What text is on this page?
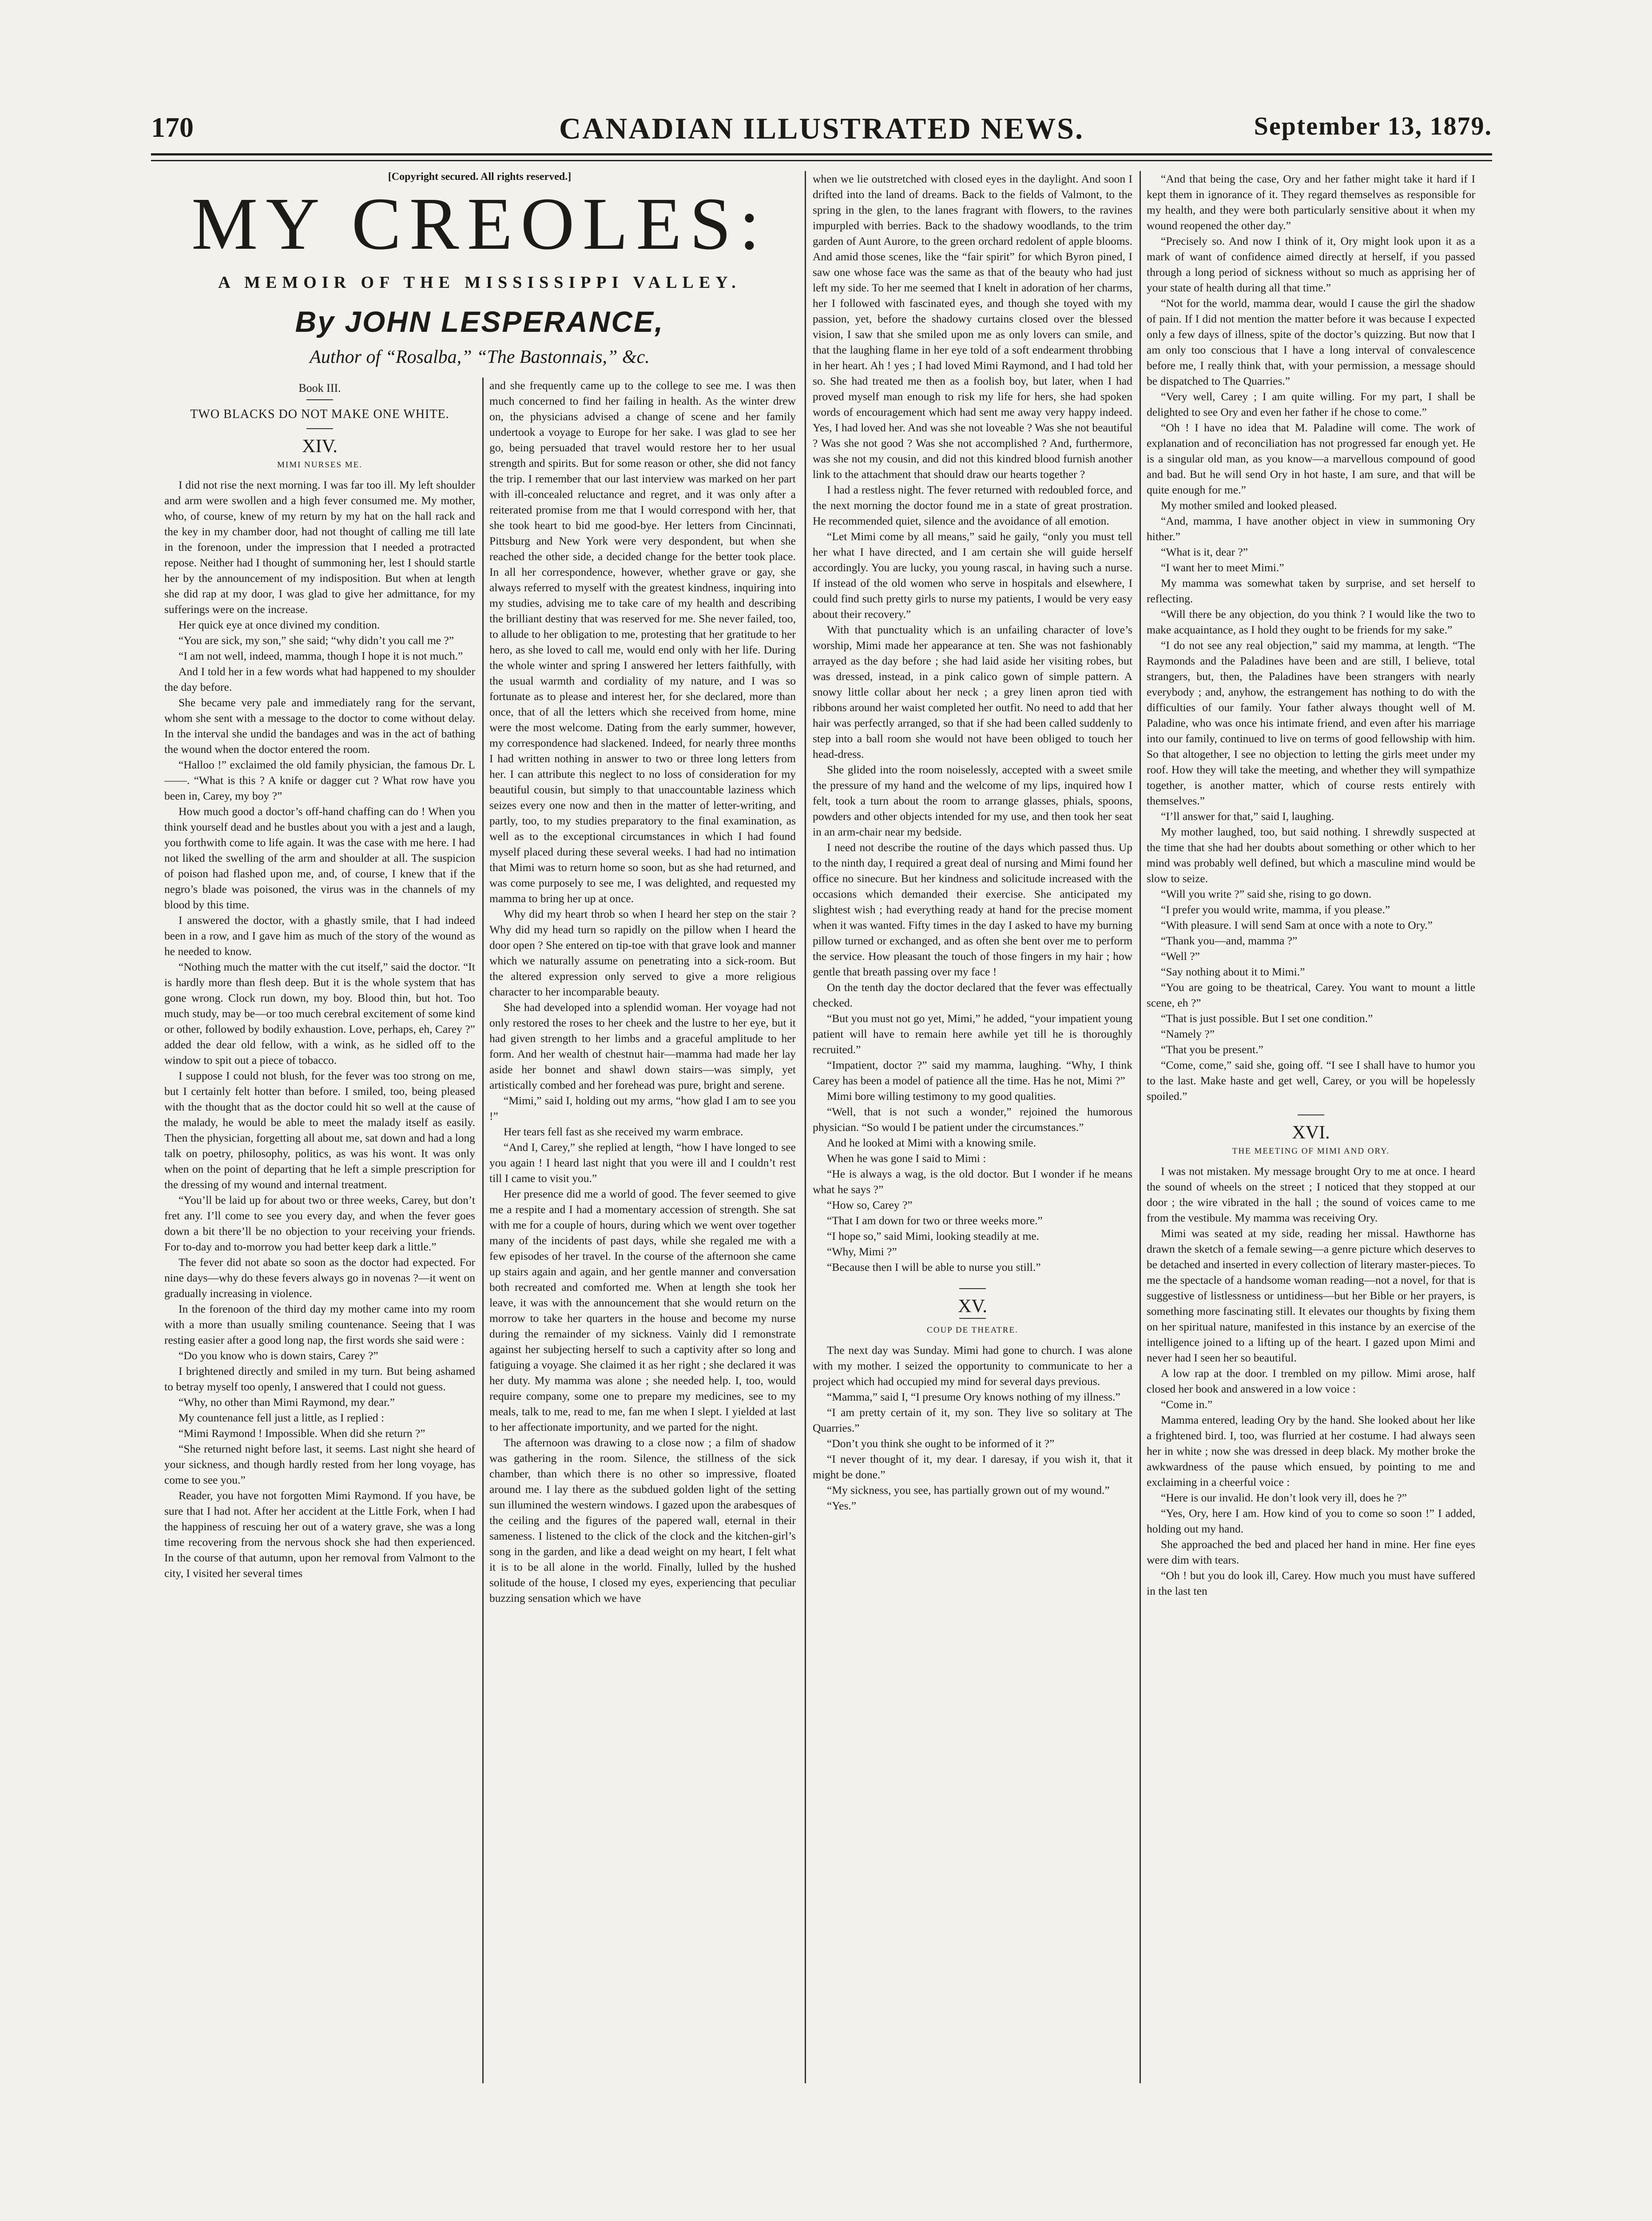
170	CANADIAN ILLUSTRATED NEWS.	September 13, 1879.
[Copyright secured. All rights reserved.]
MY CREOLES:
A MEMOIR OF THE MISSISSIPPI VALLEY.
By JOHN LESPERANCE,
Author of “Rosalba,” “The Bastonnais,” &c.

Book III.

TWO BLACKS DO NOT MAKE ONE WHITE.

XIV.

MIMI NURSES ME.

I did not rise the next morning. I was far too ill. My left shoulder and arm were swollen and a high fever consumed me. My mother, who, of course, knew of my return by my hat on the hall rack and the key in my chamber door, had not thought of calling me till late in the forenoon, under the impression that I needed a protracted repose. Neither had I thought of summoning her, lest I should startle her by the announcement of my indisposition. But when at length she did rap at my door, I was glad to give her admittance, for my sufferings were on the increase.

Her quick eye at once divined my condition.

“You are sick, my son,” she said; “why didn’t you call me ?”

“I am not well, indeed, mamma, though I hope it is not much.”

And I told her in a few words what had happened to my shoulder the day before.

She became very pale and immediately rang for the servant, whom she sent with a message to the doctor to come without delay. In the interval she undid the bandages and was in the act of bathing the wound when the doctor entered the room.

“Halloo !” exclaimed the old family physician, the famous Dr. L——. “What is this ? A knife or dagger cut ? What row have you been in, Carey, my boy ?”

How much good a doctor’s off-hand chaffing can do ! When you think yourself dead and he bustles about you with a jest and a laugh, you forthwith come to life again. It was the case with me here. I had not liked the swelling of the arm and shoulder at all. The suspicion of poison had flashed upon me, and, of course, I knew that if the negro’s blade was poisoned, the virus was in the channels of my blood by this time.

I answered the doctor, with a ghastly smile, that I had indeed been in a row, and I gave him as much of the story of the wound as he needed to know.

“Nothing much the matter with the cut itself,” said the doctor. “It is hardly more than flesh deep. But it is the whole system that has gone wrong. Clock run down, my boy. Blood thin, but hot. Too much study, may be—or too much cerebral excitement of some kind or other, followed by bodily exhaustion. Love, perhaps, eh, Carey ?” added the dear old fellow, with a wink, as he sidled off to the window to spit out a piece of tobacco.

I suppose I could not blush, for the fever was too strong on me, but I certainly felt hotter than before. I smiled, too, being pleased with the thought that as the doctor could hit so well at the cause of the malady, he would be able to meet the malady itself as easily. Then the physician, forgetting all about me, sat down and had a long talk on poetry, philosophy, politics, as was his wont. It was only when on the point of departing that he left a simple prescription for the dressing of my wound and internal treatment.

“You’ll be laid up for about two or three weeks, Carey, but don’t fret any. I’ll come to see you every day, and when the fever goes down a bit there’ll be no objection to your receiving your friends. For to-day and to-morrow you had better keep dark a little.”

The fever did not abate so soon as the doctor had expected. For nine days—why do these fevers always go in novenas ?—it went on gradually increasing in violence.

In the forenoon of the third day my mother came into my room with a more than usually smiling countenance. Seeing that I was resting easier after a good long nap, the first words she said were :

“Do you know who is down stairs, Carey ?”

I brightened directly and smiled in my turn. But being ashamed to betray myself too openly, I answered that I could not guess.

“Why, no other than Mimi Raymond, my dear.”

My countenance fell just a little, as I replied :

“Mimi Raymond ! Impossible. When did she return ?”

“She returned night before last, it seems. Last night she heard of your sickness, and though hardly rested from her long voyage, has come to see you.”

Reader, you have not forgotten Mimi Raymond. If you have, be sure that I had not. After her accident at the Little Fork, when I had the happiness of rescuing her out of a watery grave, she was a long time recovering from the nervous shock she had then experienced. In the course of that autumn, upon her removal from Valmont to the city, I visited her several times

and she frequently came up to the college to see me. I was then much concerned to find her failing in health. As the winter drew on, the physicians advised a change of scene and her family undertook a voyage to Europe for her sake. I was glad to see her go, being persuaded that travel would restore her to her usual strength and spirits. But for some reason or other, she did not fancy the trip. I remember that our last interview was marked on her part with ill-concealed reluctance and regret, and it was only after a reiterated promise from me that I would correspond with her, that she took heart to bid me good-bye. Her letters from Cincinnati, Pittsburg and New York were very despondent, but when she reached the other side, a decided change for the better took place. In all her correspondence, however, whether grave or gay, she always referred to myself with the greatest kindness, inquiring into my studies, advising me to take care of my health and describing the brilliant destiny that was reserved for me. She never failed, too, to allude to her obligation to me, protesting that her gratitude to her hero, as she loved to call me, would end only with her life. During the whole winter and spring I answered her letters faithfully, with the usual warmth and cordiality of my nature, and I was so fortunate as to please and interest her, for she declared, more than once, that of all the letters which she received from home, mine were the most welcome. Dating from the early summer, however, my correspondence had slackened. Indeed, for nearly three months I had written nothing in answer to two or three long letters from her. I can attribute this neglect to no loss of consideration for my beautiful cousin, but simply to that unaccountable laziness which seizes every one now and then in the matter of letter-writing, and partly, too, to my studies preparatory to the final examination, as well as to the exceptional circumstances in which I had found myself placed during these several weeks. I had had no intimation that Mimi was to return home so soon, but as she had returned, and was come purposely to see me, I was delighted, and requested my mamma to bring her up at once.

Why did my heart throb so when I heard her step on the stair ? Why did my head turn so rapidly on the pillow when I heard the door open ? She entered on tip-toe with that grave look and manner which we naturally assume on penetrating into a sick-room. But the altered expression only served to give a more religious character to her incomparable beauty.

She had developed into a splendid woman. Her voyage had not only restored the roses to her cheek and the lustre to her eye, but it had given strength to her limbs and a graceful amplitude to her form. And her wealth of chestnut hair—mamma had made her lay aside her bonnet and shawl down stairs—was simply, yet artistically combed and her forehead was pure, bright and serene.

“Mimi,” said I, holding out my arms, “how glad I am to see you !”

Her tears fell fast as she received my warm embrace.

“And I, Carey,” she replied at length, “how I have longed to see you again ! I heard last night that you were ill and I couldn’t rest till I came to visit you.”

Her presence did me a world of good. The fever seemed to give me a respite and I had a momentary accession of strength. She sat with me for a couple of hours, during which we went over together many of the incidents of past days, while she regaled me with a few episodes of her travel. In the course of the afternoon she came up stairs again and again, and her gentle manner and conversation both recreated and comforted me. When at length she took her leave, it was with the announcement that she would return on the morrow to take her quarters in the house and become my nurse during the remainder of my sickness. Vainly did I remonstrate against her subjecting herself to such a captivity after so long and fatiguing a voyage. She claimed it as her right ; she declared it was her duty. My mamma was alone ; she needed help. I, too, would require company, some one to prepare my medicines, see to my meals, talk to me, read to me, fan me when I slept. I yielded at last to her affectionate importunity, and we parted for the night.

The afternoon was drawing to a close now ; a film of shadow was gathering in the room. Silence, the stillness of the sick chamber, than which there is no other so impressive, floated around me. I lay there as the subdued golden light of the setting sun illumined the western windows. I gazed upon the arabesques of the ceiling and the figures of the papered wall, eternal in their sameness. I listened to the click of the clock and the kitchen-girl’s song in the garden, and like a dead weight on my heart, I felt what it is to be all alone in the world. Finally, lulled by the hushed solitude of the house, I closed my eyes, experiencing that peculiar buzzing sensation which we have

when we lie outstretched with closed eyes in the daylight. And soon I drifted into the land of dreams. Back to the fields of Valmont, to the spring in the glen, to the lanes fragrant with flowers, to the ravines impurpled with berries. Back to the shadowy woodlands, to the trim garden of Aunt Aurore, to the green orchard redolent of apple blooms. And amid those scenes, like the “fair spirit” for which Byron pined, I saw one whose face was the same as that of the beauty who had just left my side. To her me seemed that I knelt in adoration of her charms, her I followed with fascinated eyes, and though she toyed with my passion, yet, before the shadowy curtains closed over the blessed vision, I saw that she smiled upon me as only lovers can smile, and that the laughing flame in her eye told of a soft endearment throbbing in her heart. Ah ! yes ; I had loved Mimi Raymond, and I had told her so. She had treated me then as a foolish boy, but later, when I had proved myself man enough to risk my life for hers, she had spoken words of encouragement which had sent me away very happy indeed. Yes, I had loved her. And was she not loveable ? Was she not beautiful ? Was she not good ? Was she not accomplished ? And, furthermore, was she not my cousin, and did not this kindred blood furnish another link to the attachment that should draw our hearts together ?

I had a restless night. The fever returned with redoubled force, and the next morning the doctor found me in a state of great prostration. He recommended quiet, silence and the avoidance of all emotion.

“Let Mimi come by all means,” said he gaily, “only you must tell her what I have directed, and I am certain she will guide herself accordingly. You are lucky, you young rascal, in having such a nurse. If instead of the old women who serve in hospitals and elsewhere, I could find such pretty girls to nurse my patients, I would be very easy about their recovery.”

With that punctuality which is an unfailing character of love’s worship, Mimi made her appearance at ten. She was not fashionably arrayed as the day before ; she had laid aside her visiting robes, but was dressed, instead, in a pink calico gown of simple pattern. A snowy little collar about her neck ; a grey linen apron tied with ribbons around her waist completed her outfit. No need to add that her hair was perfectly arranged, so that if she had been called suddenly to step into a ball room she would not have been obliged to touch her head-dress.

She glided into the room noiselessly, accepted with a sweet smile the pressure of my hand and the welcome of my lips, inquired how I felt, took a turn about the room to arrange glasses, phials, spoons, powders and other objects intended for my use, and then took her seat in an arm-chair near my bedside.

I need not describe the routine of the days which passed thus. Up to the ninth day, I required a great deal of nursing and Mimi found her office no sinecure. But her kindness and solicitude increased with the occasions which demanded their exercise. She anticipated my slightest wish ; had everything ready at hand for the precise moment when it was wanted. Fifty times in the day I asked to have my burning pillow turned or exchanged, and as often she bent over me to perform the service. How pleasant the touch of those fingers in my hair ; how gentle that breath passing over my face !

On the tenth day the doctor declared that the fever was effectually checked.

“But you must not go yet, Mimi,” he added, “your impatient young patient will have to remain here awhile yet till he is thoroughly recruited.”

“Impatient, doctor ?” said my mamma, laughing. “Why, I think Carey has been a model of patience all the time. Has he not, Mimi ?”

Mimi bore willing testimony to my good qualities.

“Well, that is not such a wonder,” rejoined the humorous physician. “So would I be patient under the circumstances.”

And he looked at Mimi with a knowing smile.

When he was gone I said to Mimi :

“He is always a wag, is the old doctor. But I wonder if he means what he says ?”

“How so, Carey ?”

“That I am down for two or three weeks more.”

“I hope so,” said Mimi, looking steadily at me.

“Why, Mimi ?”

“Because then I will be able to nurse you still.”

XV.

COUP DE THEATRE.

The next day was Sunday. Mimi had gone to church. I was alone with my mother. I seized the opportunity to communicate to her a project which had occupied my mind for several days previous.

“Mamma,” said I, “I presume Ory knows nothing of my illness.”

“I am pretty certain of it, my son. They live so solitary at The Quarries.”

“Don’t you think she ought to be informed of it ?”

“I never thought of it, my dear. I daresay, if you wish it, that it might be done.”

“My sickness, you see, has partially grown out of my wound.”

“Yes.”

“And that being the case, Ory and her father might take it hard if I kept them in ignorance of it. They regard themselves as responsible for my health, and they were both particularly sensitive about it when my wound reopened the other day.”

“Precisely so. And now I think of it, Ory might look upon it as a mark of want of confidence aimed directly at herself, if you passed through a long period of sickness without so much as apprising her of your state of health during all that time.”

“Not for the world, mamma dear, would I cause the girl the shadow of pain. If I did not mention the matter before it was because I expected only a few days of illness, spite of the doctor’s quizzing. But now that I am only too conscious that I have a long interval of convalescence before me, I really think that, with your permission, a message should be dispatched to The Quarries.”

“Very well, Carey ; I am quite willing. For my part, I shall be delighted to see Ory and even her father if he chose to come.”

“Oh ! I have no idea that M. Paladine will come. The work of explanation and of reconciliation has not progressed far enough yet. He is a singular old man, as you know—a marvellous compound of good and bad. But he will send Ory in hot haste, I am sure, and that will be quite enough for me.”

My mother smiled and looked pleased.

“And, mamma, I have another object in view in summoning Ory hither.”

“What is it, dear ?”

“I want her to meet Mimi.”

My mamma was somewhat taken by surprise, and set herself to reflecting.

“Will there be any objection, do you think ? I would like the two to make acquaintance, as I hold they ought to be friends for my sake.”

“I do not see any real objection,” said my mamma, at length. “The Raymonds and the Paladines have been and are still, I believe, total strangers, but, then, the Paladines have been strangers with nearly everybody ; and, anyhow, the estrangement has nothing to do with the difficulties of our family. Your father always thought well of M. Paladine, who was once his intimate friend, and even after his marriage into our family, continued to live on terms of good fellowship with him. So that altogether, I see no objection to letting the girls meet under my roof. How they will take the meeting, and whether they will sympathize together, is another matter, which of course rests entirely with themselves.”

“I’ll answer for that,” said I, laughing.

My mother laughed, too, but said nothing. I shrewdly suspected at the time that she had her doubts about something or other which to her mind was probably well defined, but which a masculine mind would be slow to seize.

“Will you write ?” said she, rising to go down.

“I prefer you would write, mamma, if you please.”

“With pleasure. I will send Sam at once with a note to Ory.”

“Thank you—and, mamma ?”

“Well ?”

“Say nothing about it to Mimi.”

“You are going to be theatrical, Carey. You want to mount a little scene, eh ?”

“That is just possible. But I set one condition.”

“Namely ?”

“That you be present.”

“Come, come,” said she, going off. “I see I shall have to humor you to the last. Make haste and get well, Carey, or you will be hopelessly spoiled.”

XVI.

THE MEETING OF MIMI AND ORY.

I was not mistaken. My message brought Ory to me at once. I heard the sound of wheels on the street ; I noticed that they stopped at our door ; the wire vibrated in the hall ; the sound of voices came to me from the vestibule. My mamma was receiving Ory.

Mimi was seated at my side, reading her missal. Hawthorne has drawn the sketch of a female sewing—a genre picture which deserves to be detached and inserted in every collection of literary master-pieces. To me the spectacle of a handsome woman reading—not a novel, for that is suggestive of listlessness or untidiness—but her Bible or her prayers, is something more fascinating still. It elevates our thoughts by fixing them on her spiritual nature, manifested in this instance by an exercise of the intelligence joined to a lifting up of the heart. I gazed upon Mimi and never had I seen her so beautiful.

A low rap at the door. I trembled on my pillow. Mimi arose, half closed her book and answered in a low voice :

“Come in.”

Mamma entered, leading Ory by the hand. She looked about her like a frightened bird. I, too, was flurried at her costume. I had always seen her in white ; now she was dressed in deep black. My mother broke the awkwardness of the pause which ensued, by pointing to me and exclaiming in a cheerful voice :

“Here is our invalid. He don’t look very ill, does he ?”

“Yes, Ory, here I am. How kind of you to come so soon !” I added, holding out my hand.

She approached the bed and placed her hand in mine. Her fine eyes were dim with tears.

“Oh ! but you do look ill, Carey. How much you must have suffered in the last ten
